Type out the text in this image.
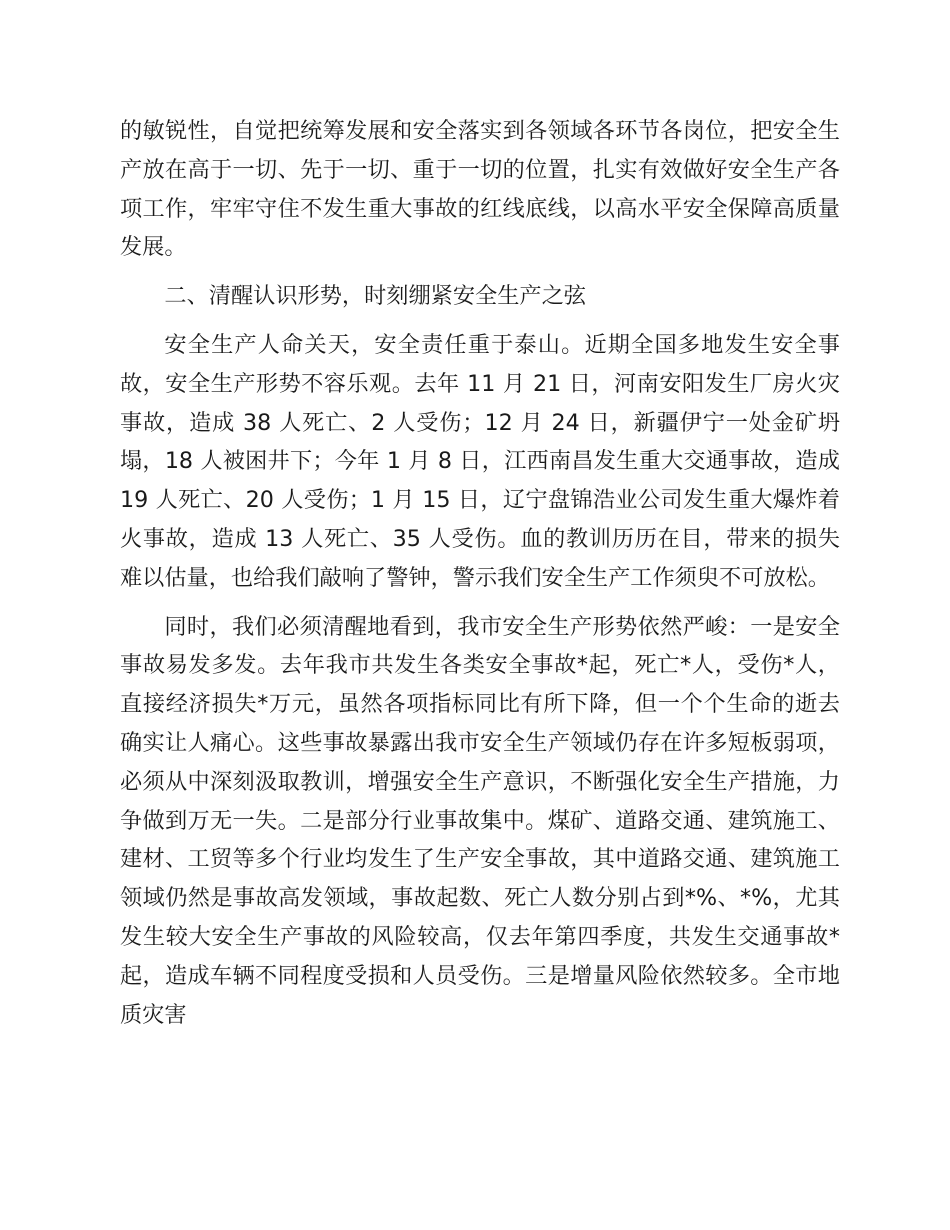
的敏锐性，自觉把统筹发展和安全落实到各领域各环节各岗位，把安全生产放在高于一切、先于一切、重于一切的位置，扎实有效做好安全生产各项工作，牢牢守住不发生重大事故的红线底线，以高水平安全保障高质量发展。

二、清醒认识形势，时刻绷紧安全生产之弦

安全生产人命关天，安全责任重于泰山。近期全国多地发生安全事故，安全生产形势不容乐观。去年 11 月 21 日，河南安阳发生厂房火灾事故，造成 38 人死亡、2 人受伤；12 月 24 日，新疆伊宁一处金矿坍塌，18 人被困井下；今年 1 月 8 日，江西南昌发生重大交通事故，造成 19 人死亡、20 人受伤；1 月 15 日，辽宁盘锦浩业公司发生重大爆炸着火事故，造成 13 人死亡、35 人受伤。血的教训历历在目，带来的损失难以估量，也给我们敲响了警钟，警示我们安全生产工作须臾不可放松。

同时，我们必须清醒地看到，我市安全生产形势依然严峻：一是安全事故易发多发。去年我市共发生各类安全事故*起，死亡*人，受伤*人，直接经济损失*万元，虽然各项指标同比有所下降，但一个个生命的逝去确实让人痛心。这些事故暴露出我市安全生产领域仍存在许多短板弱项，必须从中深刻汲取教训，增强安全生产意识，不断强化安全生产措施，力争做到万无一失。二是部分行业事故集中。煤矿、道路交通、建筑施工、建材、工贸等多个行业均发生了生产安全事故，其中道路交通、建筑施工领域仍然是事故高发领域，事故起数、死亡人数分别占到*%、*%，尤其发生较大安全生产事故的风险较高，仅去年第四季度，共发生交通事故*起，造成车辆不同程度受损和人员受伤。三是增量风险依然较多。全市地质灾害
